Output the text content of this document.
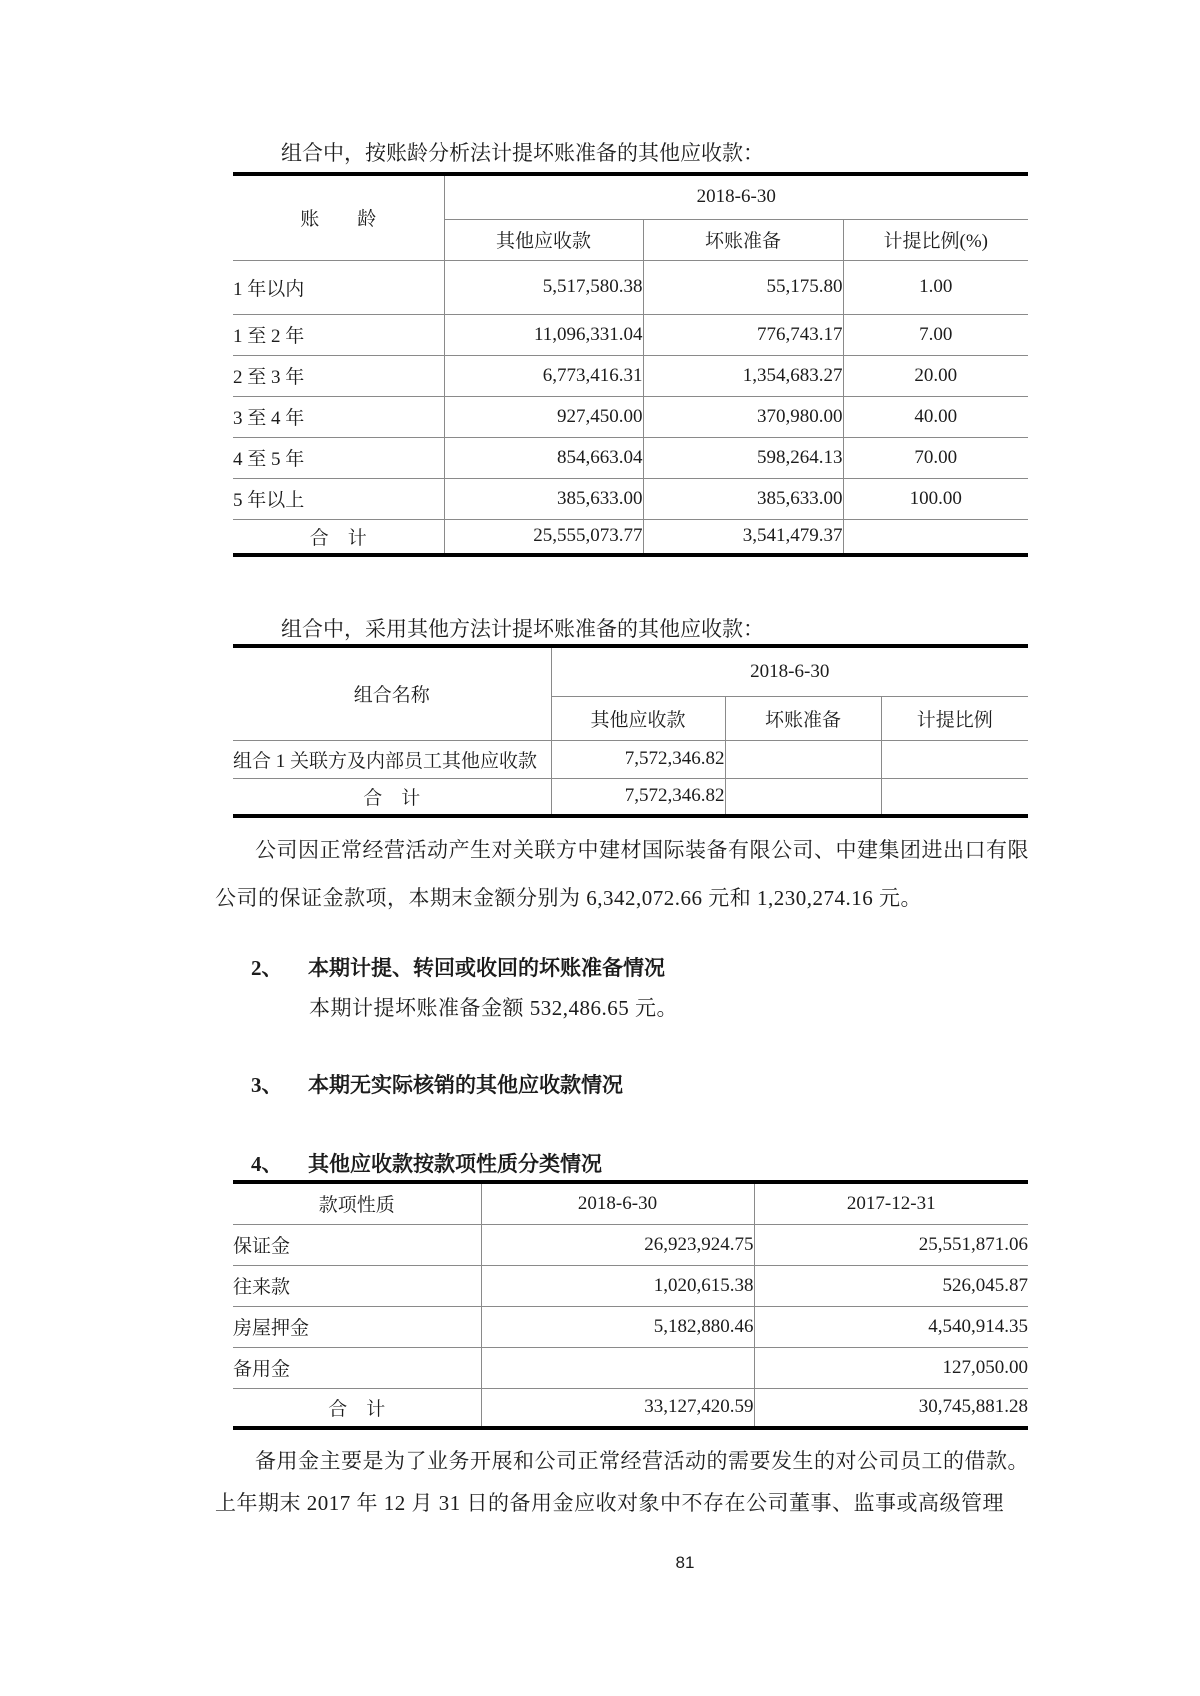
组合中，按账龄分析法计提坏账准备的其他应收款：
账　　龄	2018-6-30		
	其他应收款	坏账准备	计提比例(%)
1 年以内	5,517,580.38	55,175.80	1.00
1 至 2 年	11,096,331.04	776,743.17	7.00
2 至 3 年	6,773,416.31	1,354,683.27	20.00
3 至 4 年	927,450.00	370,980.00	40.00
4 至 5 年	854,663.04	598,264.13	70.00
5 年以上	385,633.00	385,633.00	100.00
合　计	25,555,073.77	3,541,479.37	
组合中，采用其他方法计提坏账准备的其他应收款：
组合名称	2018-6-30		
	其他应收款	坏账准备	计提比例
组合 1 关联方及内部员工其他应收款	7,572,346.82		
合　计	7,572,346.82		
公司因正常经营活动产生对关联方中建材国际装备有限公司、中建集团进出口有限
公司的保证金款项，本期末金额分别为 6,342,072.66 元和 1,230,274.16 元。
2、	本期计提、转回或收回的坏账准备情况
本期计提坏账准备金额 532,486.65 元。
3、	本期无实际核销的其他应收款情况
4、	其他应收款按款项性质分类情况
款项性质	2018-6-30	2017-12-31
保证金	26,923,924.75	25,551,871.06
往来款	1,020,615.38	526,045.87
房屋押金	5,182,880.46	4,540,914.35
备用金		127,050.00
合　计	33,127,420.59	30,745,881.28
备用金主要是为了业务开展和公司正常经营活动的需要发生的对公司员工的借款。
上年期末 2017 年 12 月 31 日的备用金应收对象中不存在公司董事、监事或高级管理
81
